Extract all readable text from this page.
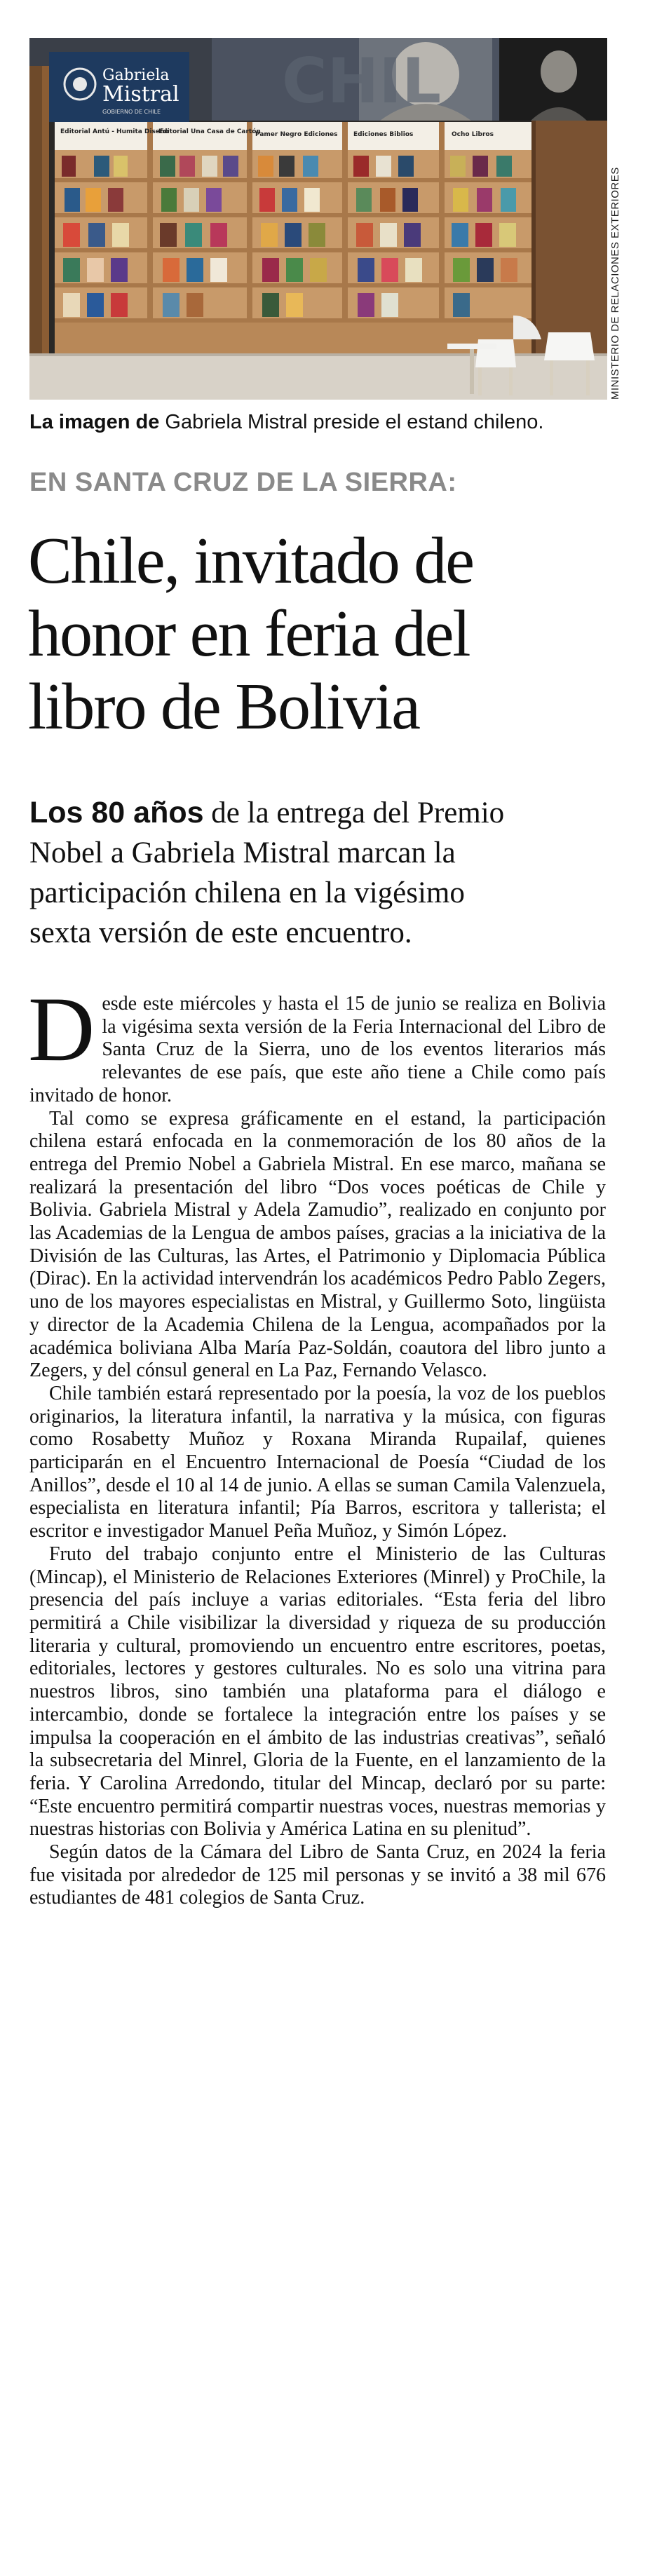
CHIL
Gabriela
Mistral
GOBIERNO DE CHILE
Editorial Antú - Humita Diseño
Editorial Una Casa de Cartón
Pamer Negro Ediciones	Ediciones Biblios	Ocho Libros
MINISTERIO DE RELACIONES EXTERIORES
La imagen de Gabriela Mistral preside el estand chileno.
EN SANTA CRUZ DE LA SIERRA:
Chile, invitado de
honor en feria del
libro de Bolivia
Los 80 años de la entrega del Premio
Nobel a Gabriela Mistral marcan la
participación chilena en la vigésimo
sexta versión de este encuentro.

Desde este miércoles y hasta el 15 de junio se realiza en Bolivia la vigésima sexta versión de la Feria Internacional del Libro de Santa Cruz de la Sierra, uno de los eventos literarios más relevantes de ese país, que este año tiene a Chile como país invitado de honor.

Tal como se expresa gráficamente en el estand, la participación chilena estará enfocada en la conmemoración de los 80 años de la entrega del Premio Nobel a Gabriela Mistral. En ese marco, mañana se realizará la presentación del libro “Dos voces poéticas de Chile y Bolivia. Gabriela Mistral y Adela Zamudio”, realizado en conjunto por las Academias de la Lengua de ambos países, gracias a la iniciativa de la División de las Culturas, las Artes, el Patrimonio y Diplomacia Pública (Dirac). En la actividad intervendrán los académicos Pedro Pablo Zegers, uno de los mayores especialistas en Mistral, y Guillermo Soto, lingüista y director de la Academia Chilena de la Lengua, acompañados por la académica boliviana Alba María Paz-Soldán, coautora del libro junto a Zegers, y del cónsul general en La Paz, Fernando Velasco.

Chile también estará representado por la poesía, la voz de los pueblos originarios, la literatura infantil, la narrativa y la música, con figuras como Rosabetty Muñoz y Roxana Miranda Rupailaf, quienes participarán en el Encuentro Internacional de Poesía “Ciudad de los Anillos”, desde el 10 al 14 de junio. A ellas se suman Camila Valenzuela, especialista en literatura infantil; Pía Barros, escritora y tallerista; el escritor e investigador Manuel Peña Muñoz, y Simón López.

Fruto del trabajo conjunto entre el Ministerio de las Culturas (Mincap), el Ministerio de Relaciones Exteriores (Minrel) y ProChile, la presencia del país incluye a varias editoriales. “Esta feria del libro permitirá a Chile visibilizar la diversidad y riqueza de su producción literaria y cultural, promoviendo un encuentro entre escritores, poetas, editoriales, lectores y gestores culturales. No es solo una vitrina para nuestros libros, sino también una plataforma para el diálogo e intercambio, donde se fortalece la integración entre los países y se impulsa la cooperación en el ámbito de las industrias creativas”, señaló la subsecretaria del Minrel, Gloria de la Fuente, en el lanzamiento de la feria. Y Carolina Arredondo, titular del Mincap, declaró por su parte: “Este encuentro permitirá compartir nuestras voces, nuestras memorias y nuestras historias con Bolivia y América Latina en su plenitud”.

Según datos de la Cámara del Libro de Santa Cruz, en 2024 la feria fue visitada por alrededor de 125 mil personas y se invitó a 38 mil 676 estudiantes de 481 colegios de Santa Cruz.
